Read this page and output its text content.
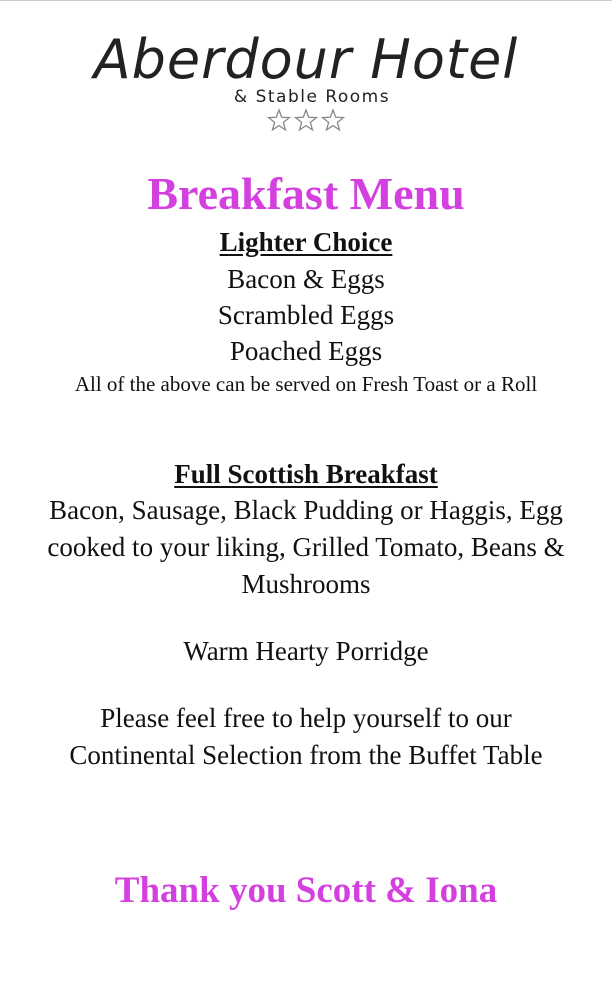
Aberdour Hotel
& Stable Rooms
Breakfast Menu
Lighter Choice
Bacon & Eggs
Scrambled Eggs
Poached Eggs
All of the above can be served on Fresh Toast or a Roll
Full Scottish Breakfast
Bacon, Sausage, Black Pudding or Haggis, Egg cooked to your liking, Grilled Tomato, Beans & Mushrooms
Warm Hearty Porridge
Please feel free to help yourself to our Continental Selection from the Buffet Table
Thank you Scott & Iona
